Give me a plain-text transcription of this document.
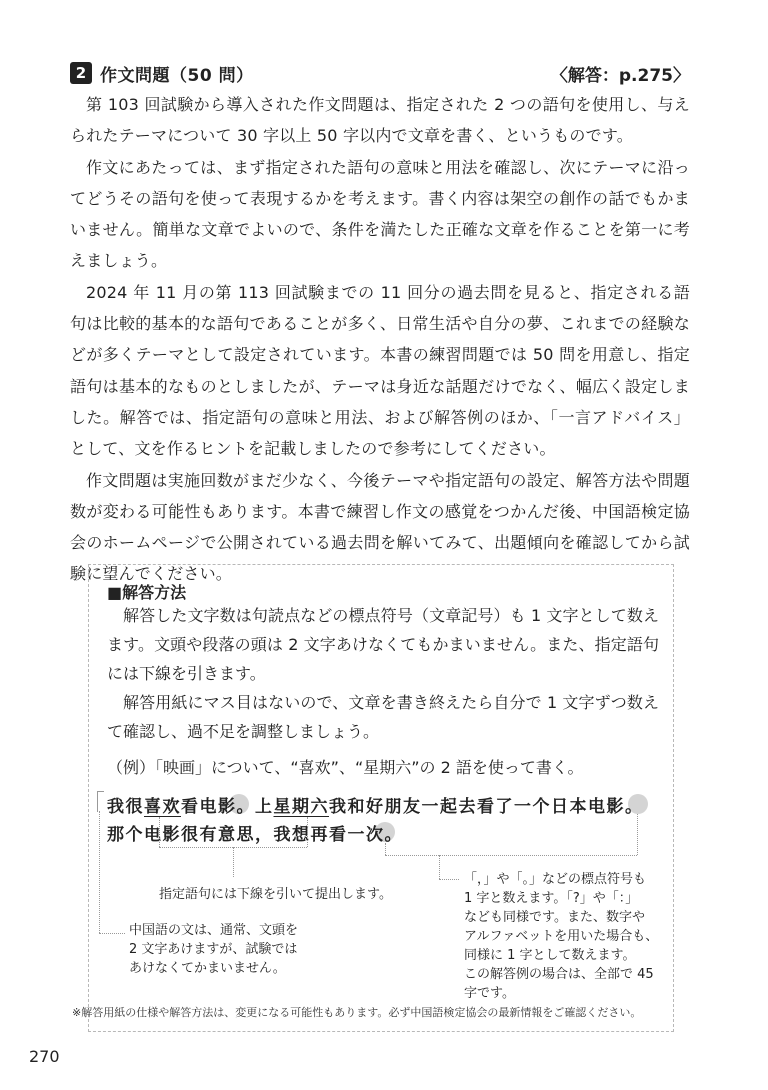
2 作文問題（50 問）	〈解答：p.275〉

第 103 回試験から導入された作文問題は、指定された 2 つの語句を使用し、与えられたテーマについて 30 字以上 50 字以内で文章を書く、というものです。

作文にあたっては、まず指定された語句の意味と用法を確認し、次にテーマに沿ってどうその語句を使って表現するかを考えます。書く内容は架空の創作の話でもかまいません。簡単な文章でよいので、条件を満たした正確な文章を作ることを第一に考えましょう。

2024 年 11 月の第 113 回試験までの 11 回分の過去問を見ると、指定される語句は比較的基本的な語句であることが多く、日常生活や自分の夢、これまでの経験などが多くテーマとして設定されています。本書の練習問題では 50 問を用意し、指定語句は基本的なものとしましたが、テーマは身近な話題だけでなく、幅広く設定しました。解答では、指定語句の意味と用法、および解答例のほか、「一言アドバイス」として、文を作るヒントを記載しましたので参考にしてください。

作文問題は実施回数がまだ少なく、今後テーマや指定語句の設定、解答方法や問題数が変わる可能性もあります。本書で練習し作文の感覚をつかんだ後、中国語検定協会のホームページで公開されている過去問を解いてみて、出題傾向を確認してから試験に望んでください。

■解答方法

解答した文字数は句読点などの標点符号（文章記号）も 1 文字として数えます。文頭や段落の頭は 2 文字あけなくてもかまいません。また、指定語句には下線を引きます。

解答用紙にマス目はないので、文章を書き終えたら自分で 1 文字ずつ数えて確認し、過不足を調整しましょう。

（例）「映画」について、“喜欢”、“星期六”の 2 語を使って書く。
我很喜欢看电影。上星期六我和好朋友一起去看了一个日本电影。
那个电影很有意思，我想再看一次。
指定語句には下線を引いて提出します。
中国語の文は、通常、文頭を
2 文字あけますが、試験では
あけなくてかまいません。
「，」や「。」などの標点符号も
1 字と数えます。「?」や「：」
なども同様です。また、数字や
アルファベットを用いた場合も、
同様に 1 字として数えます。
この解答例の場合は、全部で 45
字です。
※解答用紙の仕様や解答方法は、変更になる可能性もあります。必ず中国語検定協会の最新情報をご確認ください。
270
